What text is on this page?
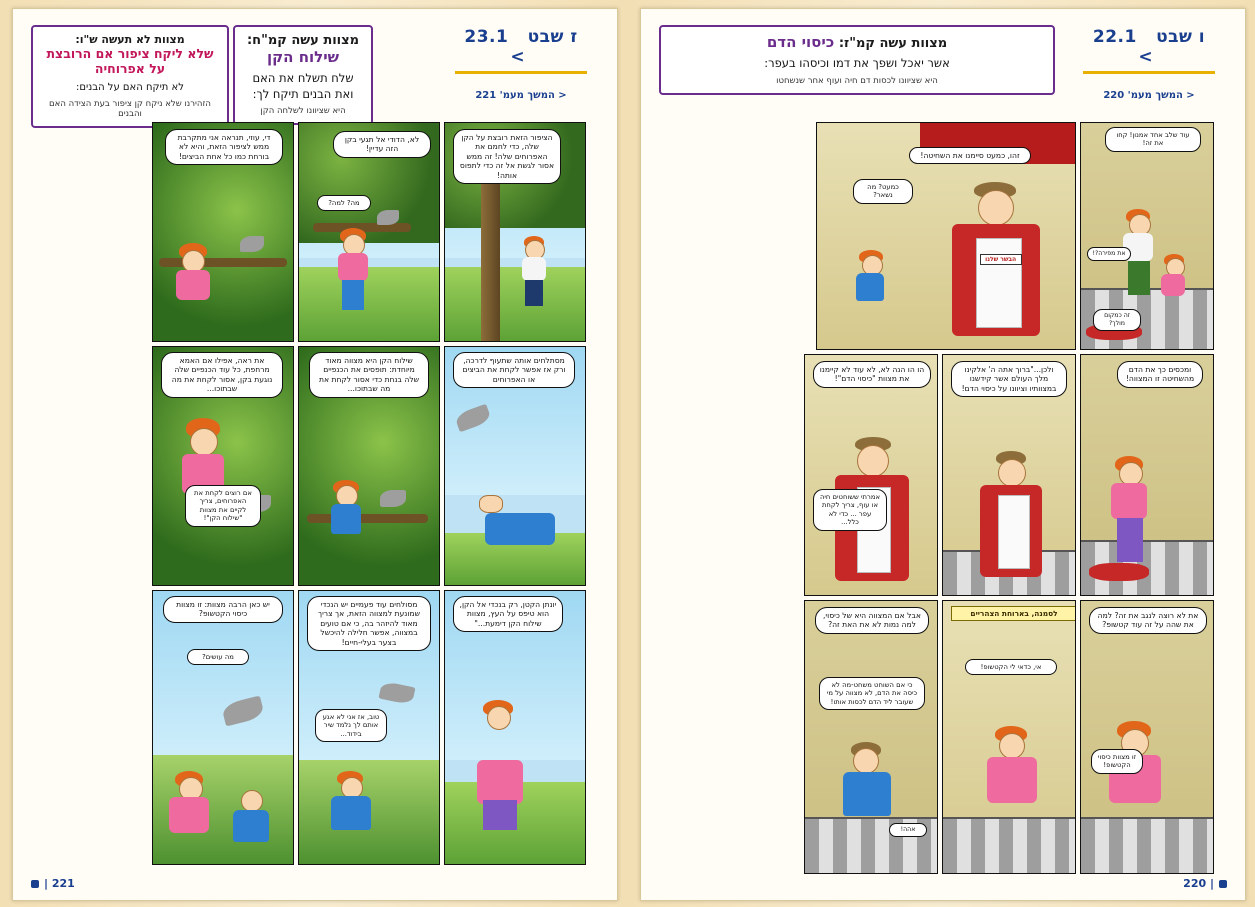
ז שבט   23.1  >
< המשך מעמ' 221
מצוות עשה קמ"ח:
שילוח הקן
שלח תשלח את האם ואת הבנים תיקח לך:
היא שציוונו לשלחה הקן
מצוות לא תעשה ש"ו:
שלא ליקח ציפור אם הרובצת על אפרוחיה
לא תיקח האם על הבנים:
הזהירנו שלא ניקח קן ציפור בעת הצידה האם והבנים
הציפור הזאת רובצת על הקן שלה, כדי לחמם את האפרוחים שלה! זה ממש אסור לגשת אל זה כדי לתפוס אותה!
לא, הדודי אל תגעי בקן הזה עדיין!
מה? למה?
די, עוזי, תנראה אני מתקרבת ממש לציפור הזאת, והיא לא בורחת כמו כל אחת הביצים!
מסתלחים אותה שתעוף לדרכה, ורק אז אפשר לקחת את הביצים או האפרוחים
שילוח הקן היא מצווה מאוד מיוחדת: תופסים את הכנפיים שלה בנחת כדי אסור לקחת את מה שבתוכו...
את ראה, אפילו אם האמא מרחפת, כל עוד הכנפיים שלה נוגעת בקן, אסור לקחת את מה שבתוכו...
אם רוצים לקחת את האפרוחים, צריך לקיים את מצוות "שילוח הקן"!
יונתן הקטן, רק בנכדי אל הקן, הוא טיפס על העץ, מצוות שילוח הקן דימעת..."
מסולחים עוד פעמיים יש הנכדי שמונעת למצווה הזאת, אך צריך מאוד להיזהר בה, כי אם טועים במצווה, אפשר חלילה להיכשל בצער בעלי-חיים!
טוב, אז אני לא אגע אותם לך נלמד שיר בידוד...
יש כאן הרבה מצוות: זו מצוות כיסוי הקטשופ?
מה עושים?
| 221
ו שבט   22.1  >
< המשך מעמ' 220
מצוות עשה קמ"ז: כיסוי הדם
אשר יאכל ושפך את דמו וכיסהו בעפר:
היא שציוונו לכסות דם חיה ועוף אחר שנשחטו
עוד שלב אחד אמנון! קחו את זה!
את מפירה?!
זה כמקום מולך?
הבשר שלנו
זהו, כמעט סיימנו את השחיטה!
כמעט? מה נשאר?
ומכסים כך את הדם מהשחיטה זו המצווה!
ולכן..."ברוך אתה ה' אלקינו מלך העולם אשר קידשנו במצוותיו וציוונו על כיסוי הדם!
הו הו הנה לא, לא עוד לא קיימנו את מצוות "כיסוי הדם"!
אמרתי ששוחטים חיה או עוף, צריך לקחת עפר ... כדי לא כלל...
את לא רוצה לנגב את זה? למה את שהה על זה עוד קטשופ?
זו מצוות כיסוי הקטשופ!
לסמנה, בארוחת הצהריים
אי, כדאי לי הקטשופ!
אבל אם המצווה היא של כיסוי, למה נמות לא את האת זה?
כי אם השוחט משחט-מה לא כיסה את הדם, לא מצווה על מי שעובר ליד הדם לכסות אותו!
אהה!
220 |
